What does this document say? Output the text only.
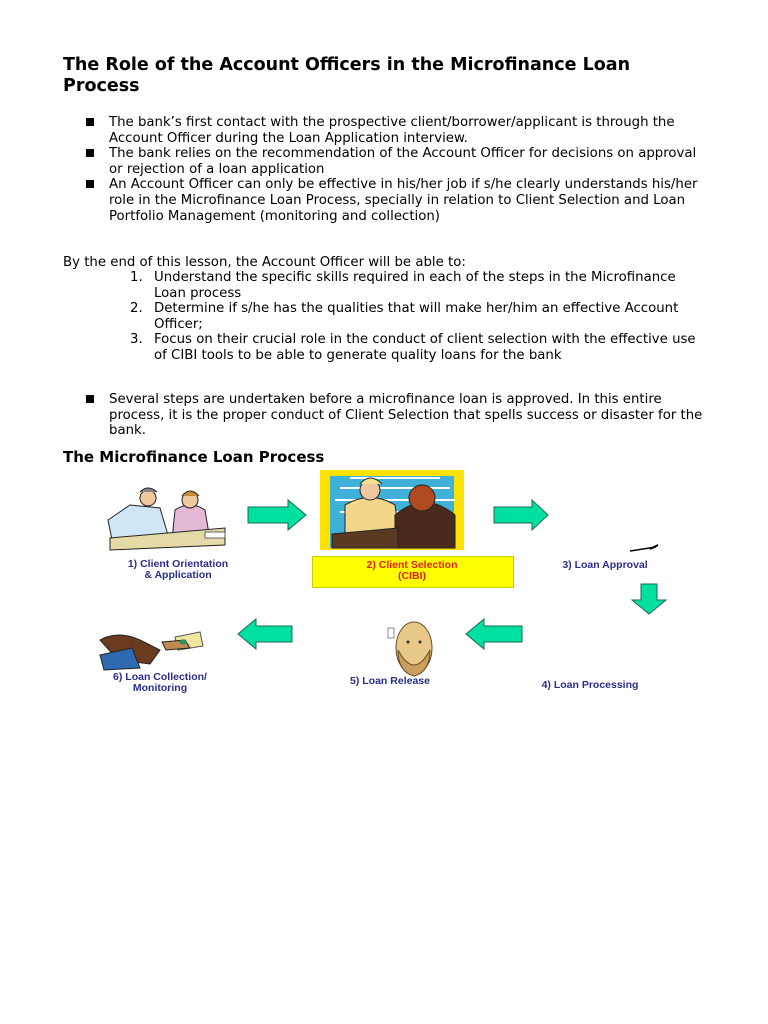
The Role of the Account Officers in the Microfinance Loan Process
The bank’s first contact with the prospective client/borrower/applicant is through the Account Officer during the Loan Application interview.
The bank relies on the recommendation of the Account Officer for decisions on approval or rejection of a loan application
An Account Officer can only be effective in his/her job if s/he clearly understands his/her role in the Microfinance Loan Process, specially in relation to Client Selection and Loan Portfolio Management (monitoring and collection)

By the end of this lesson, the Account Officer will be able to:

1. Understand the specific skills required in each of the steps in the Microfinance Loan process
2. Determine if s/he has the qualities that will make her/him an effective Account Officer;
3. Focus on their crucial role in the conduct of client selection with the effective use of CIBI tools to be able to generate quality loans for the bank
Several steps are undertaken before a microfinance loan is approved. In this entire process, it is the proper conduct of Client Selection that spells success or disaster for the bank.
The Microfinance Loan Process
1) Client Orientation
& Application
2) Client Selection
(CIBI)
3) Loan Approval
4) Loan Processing
5) Loan Release
6) Loan Collection/
Monitoring
